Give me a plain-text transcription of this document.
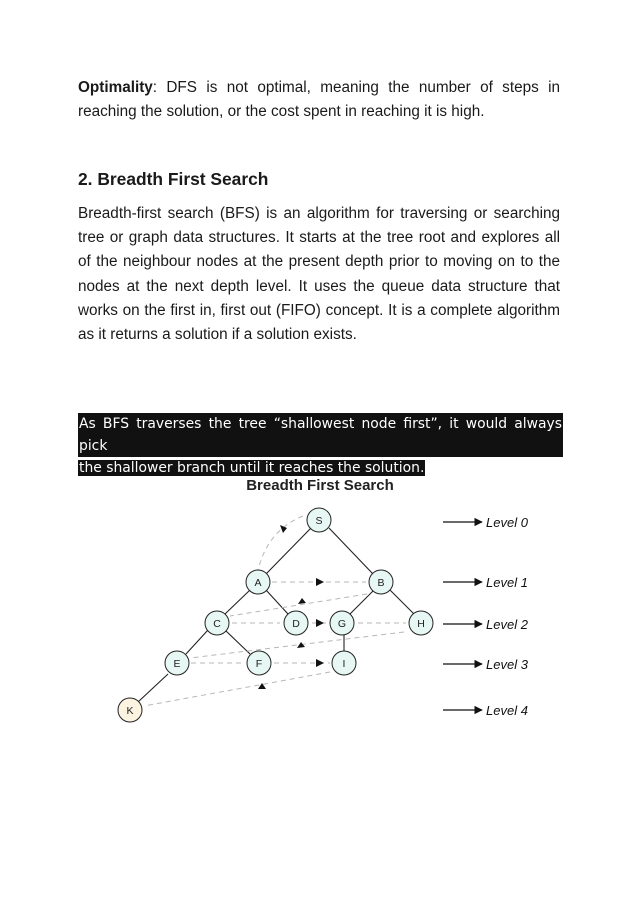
Optimality: DFS is not optimal, meaning the number of steps in reaching the solution, or the cost spent in reaching it is high.

2. Breadth First Search

Breadth-first search (BFS) is an algorithm for traversing or searching tree or graph data structures. It starts at the tree root and explores all of the neighbour nodes at the present depth prior to moving on to the nodes at the next depth level. It uses the queue data structure that works on the first in, first out (FIFO) concept. It is a complete algorithm as it returns a solution if a solution exists.

As BFS traverses the tree “shallowest node first”, it would always pick
the shallower branch until it reaches the solution.
Breadth First Search
S
A	B
C	D	G	H
E	F	I
K
Level 0
Level 1
Level 2
Level 3
Level 4
